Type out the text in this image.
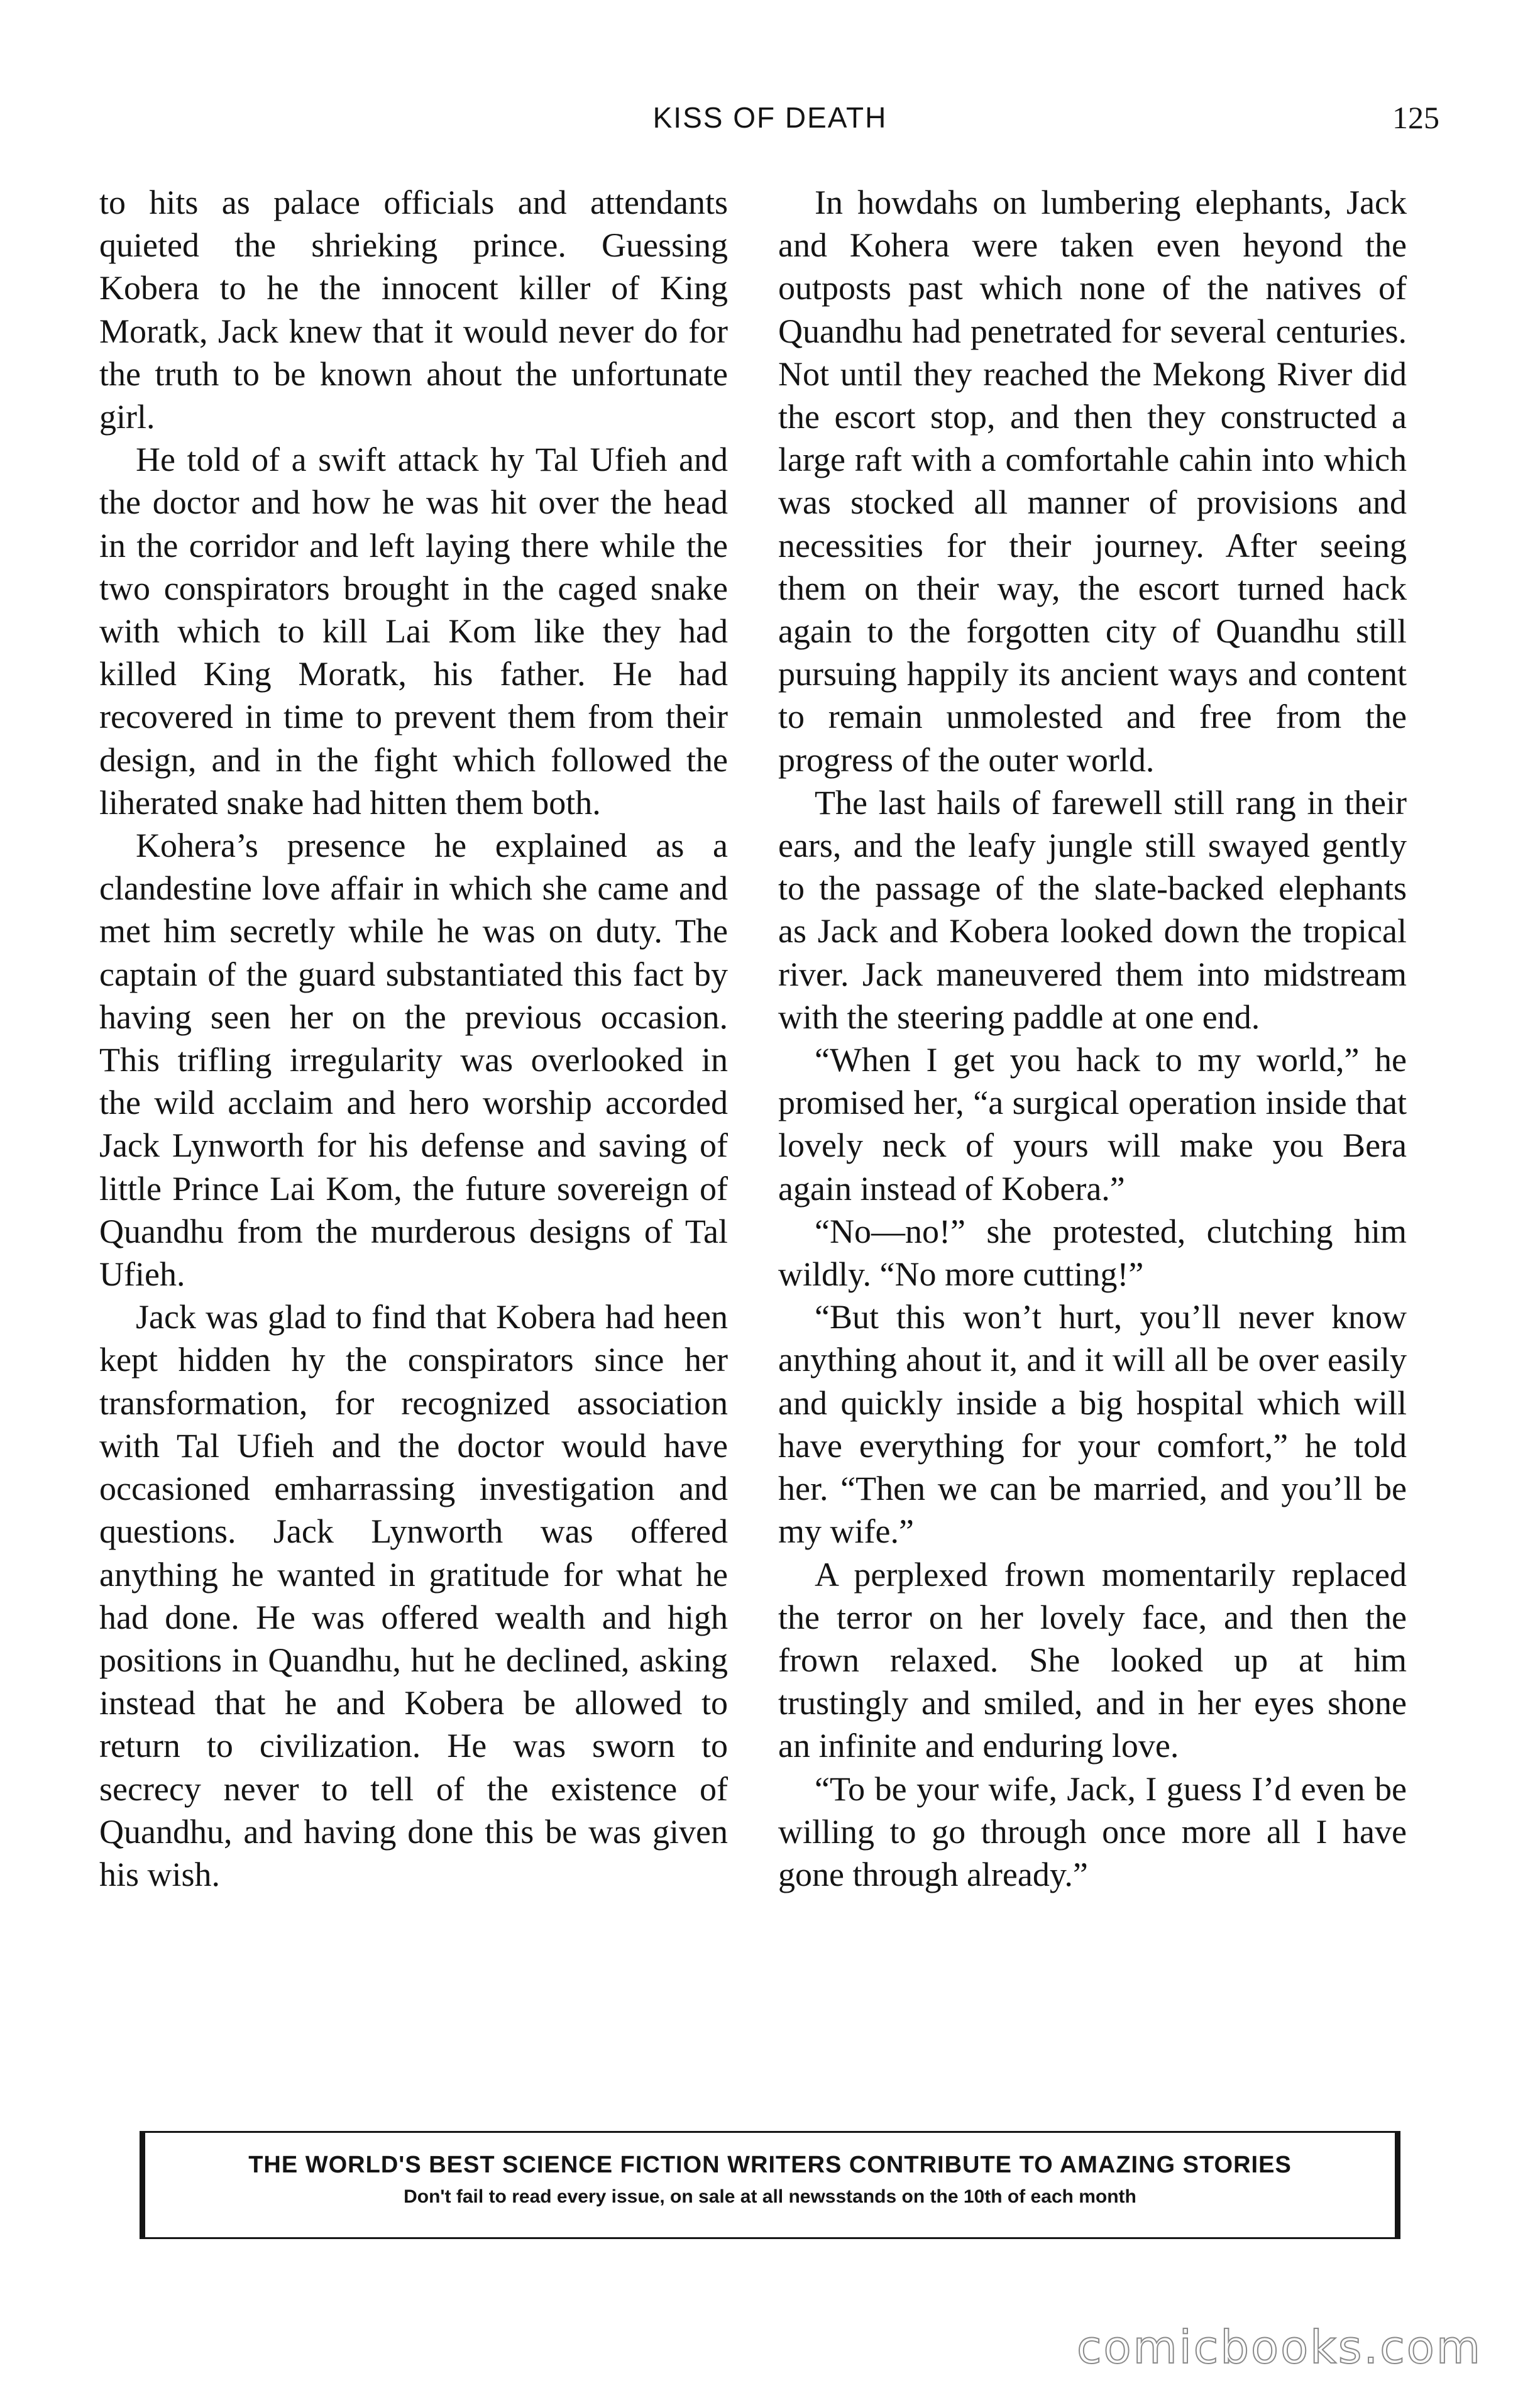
KISS OF DEATH	125

to hits as palace officials and attendants quieted the shrieking prince. Guessing Kobera to he the innocent killer of King Moratk, Jack knew that it would never do for the truth to be known ahout the unfortunate girl.

He told of a swift attack hy Tal Ufieh and the doctor and how he was hit over the head in the corridor and left laying there while the two conspirators brought in the caged snake with which to kill Lai Kom like they had killed King Moratk, his father. He had recovered in time to prevent them from their design, and in the fight which followed the liherated snake had hitten them both.

Kohera’s presence he explained as a clandestine love affair in which she came and met him secretly while he was on duty. The captain of the guard substantiated this fact by having seen her on the previous occasion. This trifling irregularity was overlooked in the wild acclaim and hero worship accorded Jack Lynworth for his defense and saving of little Prince Lai Kom, the future sovereign of Quandhu from the murderous designs of Tal Ufieh.

Jack was glad to find that Kobera had heen kept hidden hy the conspirators since her transformation, for recognized association with Tal Ufieh and the doctor would have occasioned emharrassing investigation and questions. Jack Lynworth was offered anything he wanted in gratitude for what he had done. He was offered wealth and high positions in Quandhu, hut he declined, asking instead that he and Kobera be allowed to return to civilization. He was sworn to secrecy never to tell of the existence of Quandhu, and having done this be was given his wish.

In howdahs on lumbering elephants, Jack and Kohera were taken even heyond the outposts past which none of the natives of Quandhu had penetrated for several centuries. Not until they reached the Mekong River did the escort stop, and then they constructed a large raft with a comfortahle cahin into which was stocked all manner of provisions and necessities for their journey. After seeing them on their way, the escort turned hack again to the forgotten city of Quandhu still pursuing happily its ancient ways and content to remain unmolested and free from the progress of the outer world.

The last hails of farewell still rang in their ears, and the leafy jungle still swayed gently to the passage of the slate-backed elephants as Jack and Kobera looked down the tropical river. Jack maneuvered them into midstream with the steering paddle at one end.

“When I get you hack to my world,” he promised her, “a surgical operation inside that lovely neck of yours will make you Bera again instead of Kobera.”

“No—no!” she protested, clutching him wildly. “No more cutting!”

“But this won’t hurt, you’ll never know anything ahout it, and it will all be over easily and quickly inside a big hospital which will have everything for your comfort,” he told her. “Then we can be married, and you’ll be my wife.”

A perplexed frown momentarily replaced the terror on her lovely face, and then the frown relaxed. She looked up at him trustingly and smiled, and in her eyes shone an infinite and enduring love.

“To be your wife, Jack, I guess I’d even be willing to go through once more all I have gone through already.”

THE WORLD'S BEST SCIENCE FICTION WRITERS CONTRIBUTE TO AMAZING STORIES
Don't fail to read every issue, on sale at all newsstands on the 10th of each month
comicbooks.com
